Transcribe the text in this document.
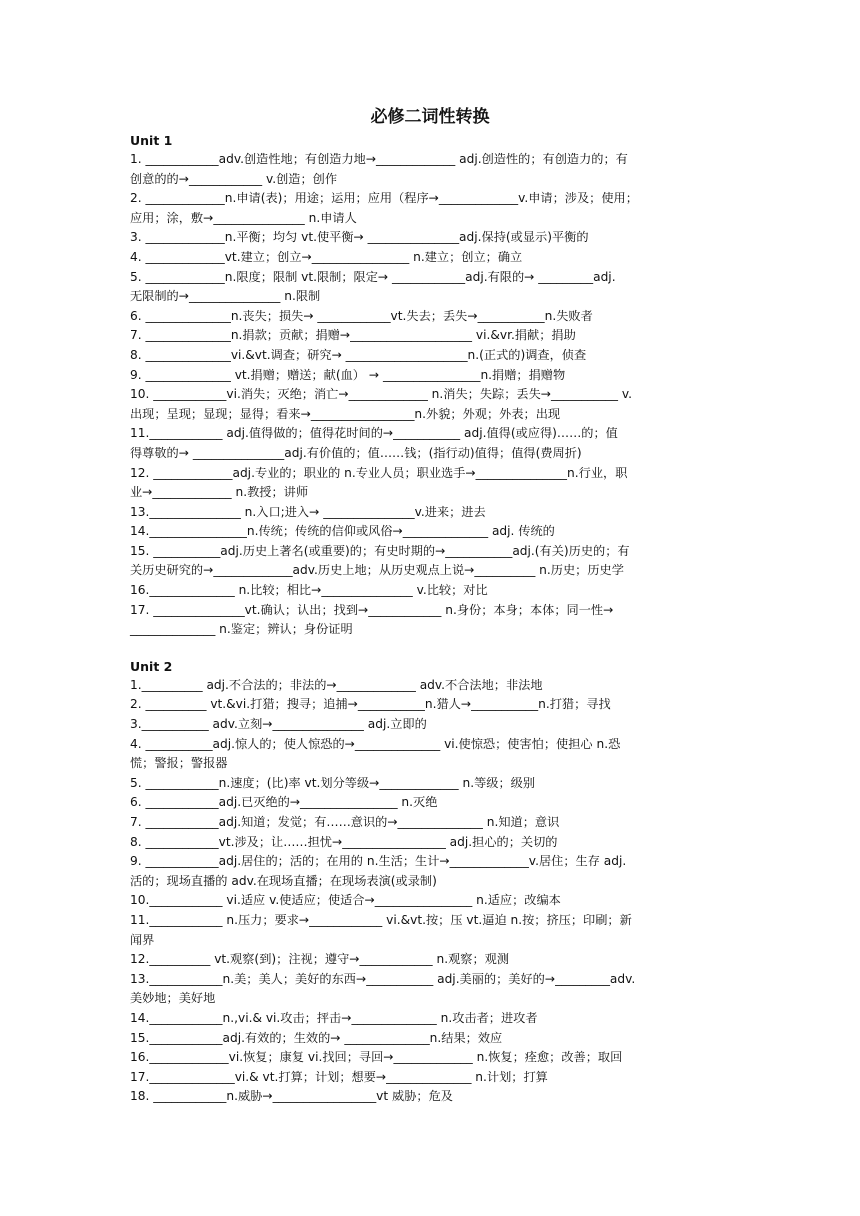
必修二词性转换
Unit 1
1. ____________adv.创造性地；有创造力地→_____________ adj.创造性的；有创造力的；有
创意的的→____________ v.创造；创作
2. _____________n.申请(表)；用途；运用；应用（程序→_____________v.申请；涉及；使用；
应用；涂，敷→_______________ n.申请人
3. _____________n.平衡；均匀 vt.使平衡→ _______________adj.保持(或显示)平衡的
4. _____________vt.建立；创立→________________ n.建立；创立；确立
5. _____________n.限度；限制 vt.限制；限定→ ____________adj.有限的→ _________adj.
无限制的→_______________ n.限制
6. ______________n.丧失；损失→ ____________vt.失去；丢失→___________n.失败者
7. ______________n.捐款；贡献；捐赠→____________________ vi.&vr.捐献；捐助
8. ______________vi.&vt.调查；研究→ ____________________n.(正式的)调查，侦查
9. ______________ vt.捐赠；赠送；献(血） → ________________n.捐赠；捐赠物
10. ____________vi.消失；灭绝；消亡→_____________ n.消失；失踪；丢失→___________ v.
出现；呈现；显现；显得；看来→_________________n.外貌；外观；外表；出现
11.____________ adj.值得做的；值得花时间的→___________ adj.值得(或应得)……的；值
得尊敬的→ _______________adj.有价值的；值……钱；(指行动)值得；值得(费周折)
12. _____________adj.专业的；职业的 n.专业人员；职业选手→_______________n.行业，职
业→_____________ n.教授；讲师
13._______________ n.入口;进入→ _______________v.进来；进去
14.________________n.传统；传统的信仰或风俗→______________ adj. 传统的
15. ___________adj.历史上著名(或重要)的；有史时期的→___________adj.(有关)历史的；有
关历史研究的→_____________adv.历史上地；从历史观点上说→__________ n.历史；历史学
16.______________ n.比较；相比→_______________ v.比较；对比
17. _______________vt.确认；认出；找到→____________ n.身份；本身；本体；同一性→
______________ n.鉴定；辨认；身份证明
Unit 2
1.__________ adj.不合法的；非法的→_____________ adv.不合法地；非法地
2. __________ vt.&vi.打猎；搜寻；追捕→___________n.猎人→___________n.打猎；寻找
3.___________ adv.立刻→_______________ adj.立即的
4. ___________adj.惊人的；使人惊恐的→______________ vi.使惊恐；使害怕；使担心 n.恐
慌；警报；警报器
5. ____________n.速度；(比)率 vt.划分等级→_____________ n.等级；级别
6. ____________adj.已灭绝的→________________ n.灭绝
7. ____________adj.知道；发觉；有……意识的→______________ n.知道；意识
8. ____________vt.涉及；让……担忧→_________________ adj.担心的；关切的
9. ____________adj.居住的；活的；在用的 n.生活；生计→_____________v.居住；生存 adj.
活的；现场直播的 adv.在现场直播；在现场表演(或录制)
10.____________ vi.适应 v.使适应；使适合→________________ n.适应；改编本
11.____________ n.压力；要求→____________ vi.&vt.按；压 vt.逼迫 n.按；挤压；印刷；新
闻界
12.__________ vt.观察(到)；注视；遵守→____________ n.观察；观测
13.____________n.美；美人；美好的东西→___________ adj.美丽的；美好的→_________adv.
美妙地；美好地
14.____________n.,vi.& vi.攻击；抨击→______________ n.攻击者；进攻者
15.____________adj.有效的；生效的→ ______________n.结果；效应
16._____________vi.恢复；康复 vi.找回；寻回→_____________ n.恢复；痊愈；改善；取回
17.______________vi.& vt.打算；计划；想要→______________ n.计划；打算
18. ____________n.威胁→_________________vt 威胁；危及
